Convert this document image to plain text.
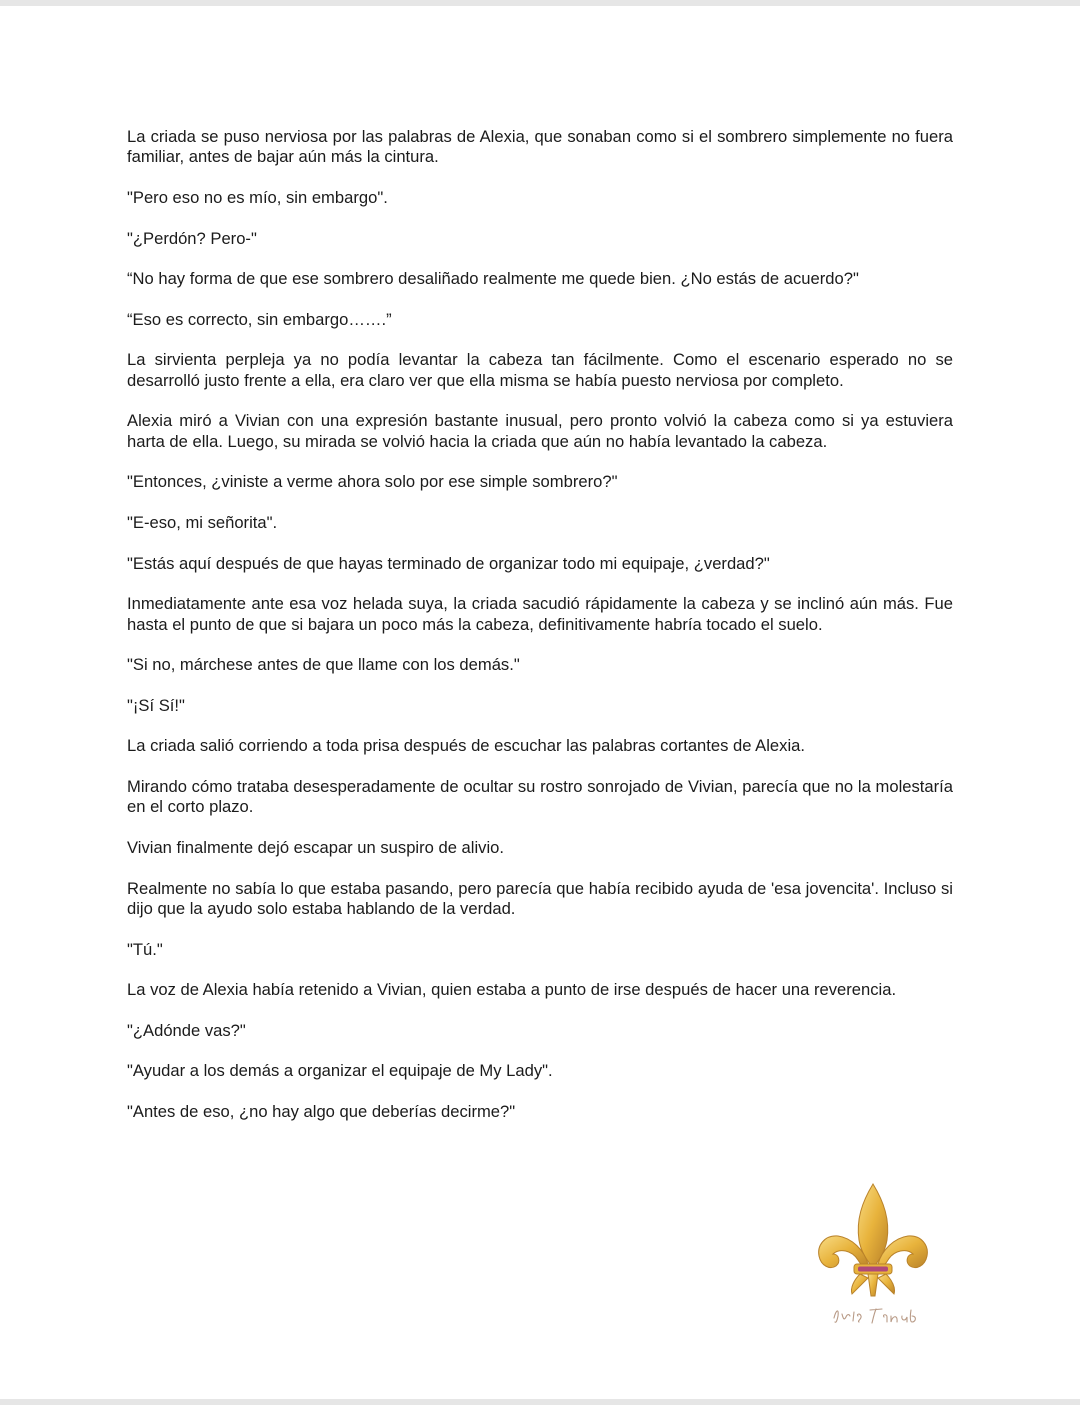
La criada se puso nerviosa por las palabras de Alexia, que sonaban como si el sombrero simplemente no fuera familiar, antes de bajar aún más la cintura.

"Pero eso no es mío, sin embargo".

"¿Perdón? Pero-"

“No hay forma de que ese sombrero desaliñado realmente me quede bien. ¿No estás de acuerdo?"

“Eso es correcto, sin embargo…….”

La sirvienta perpleja ya no podía levantar la cabeza tan fácilmente. Como el escenario esperado no se desarrolló justo frente a ella, era claro ver que ella misma se había puesto nerviosa por completo.

Alexia miró a Vivian con una expresión bastante inusual, pero pronto volvió la cabeza como si ya estuviera harta de ella. Luego, su mirada se volvió hacia la criada que aún no había levantado la cabeza.

"Entonces, ¿viniste a verme ahora solo por ese simple sombrero?"

"E-eso, mi señorita".

"Estás aquí después de que hayas terminado de organizar todo mi equipaje, ¿verdad?"

Inmediatamente ante esa voz helada suya, la criada sacudió rápidamente la cabeza y se inclinó aún más. Fue hasta el punto de que si bajara un poco más la cabeza, definitivamente habría tocado el suelo.

"Si no, márchese antes de que llame con los demás."

"¡Sí Sí!"

La criada salió corriendo a toda prisa después de escuchar las palabras cortantes de Alexia.

Mirando cómo trataba desesperadamente de ocultar su rostro sonrojado de Vivian, parecía que no la molestaría en el corto plazo.

Vivian finalmente dejó escapar un suspiro de alivio.

Realmente no sabía lo que estaba pasando, pero parecía que había recibido ayuda de 'esa jovencita'. Incluso si dijo que la ayudo solo estaba hablando de la verdad.

"Tú."

La voz de Alexia había retenido a Vivian, quien estaba a punto de irse después de hacer una reverencia.

"¿Adónde vas?"

"Ayudar a los demás a organizar el equipaje de My Lady".

"Antes de eso, ¿no hay algo que deberías decirme?"
